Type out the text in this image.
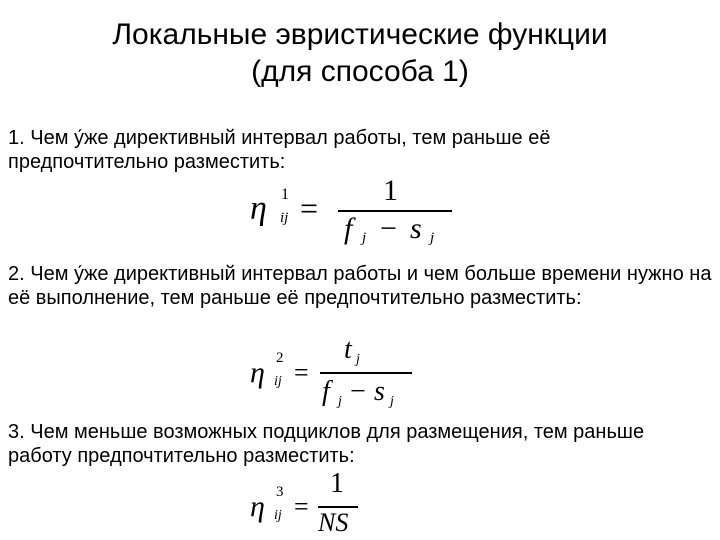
Локальные эвристические функции
(для способа 1)
1. Чем у́же директивный интервал работы, тем раньше её предпочтительно разместить:
η 1
ij = 1
f j − s j
2. Чем у́же директивный интервал работы и чем больше времени нужно на её выполнение, тем раньше её предпочтительно разместить:
η 2
ij =
t j
f j − s j
3. Чем меньше возможных подциклов для размещения, тем раньше работу предпочтительно разместить:
η 3
ij =
1
NS
